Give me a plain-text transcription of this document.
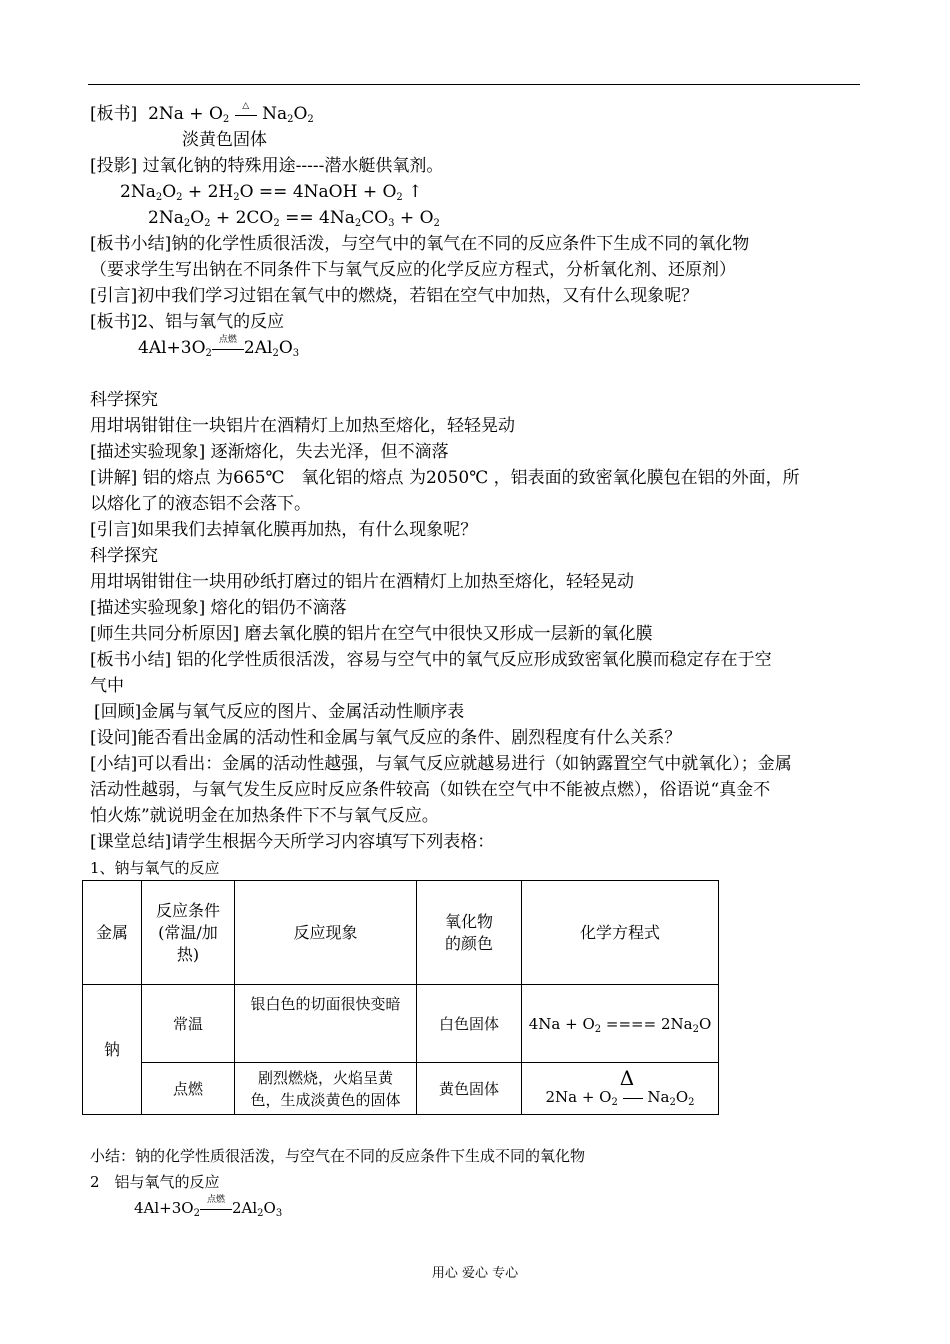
[板书] $2Na + O_2$
△ $Na_2O_2$
淡黄色固体
[投影] 过氧化钠的特殊用途-----潜水艇供氧剂。
$2Na_2O_2 + 2H_2O$ == 4NaOH + $O_2$ ↑
$2Na_2O_2 + 2CO_2 == 4Na_2CO_3 + O_2$
[板书小结]钠的化学性质很活泼，与空气中的氧气在不同的反应条件下生成不同的氧化物
（要求学生写出钠在不同条件下与氧气反应的化学反应方程式，分析氧化剂、还原剂）
[引言]初中我们学习过铝在氧气中的燃烧，若铝在空气中加热，又有什么现象呢？
[板书]2、铝与氧气的反应
$4Al+3O_2$
点燃 $2Al_2O_3$
科学探究
用坩埚钳钳住一块铝片在酒精灯上加热至熔化，轻轻晃动
[描述实验现象] 逐渐熔化，失去光泽，但不滴落
[讲解] 铝的熔点 为665℃　氧化铝的熔点 为2050℃ ，铝表面的致密氧化膜包在铝的外面，所
以熔化了的液态铝不会落下。
[引言]如果我们去掉氧化膜再加热，有什么现象呢？
科学探究
用坩埚钳钳住一块用砂纸打磨过的铝片在酒精灯上加热至熔化，轻轻晃动
[描述实验现象] 熔化的铝仍不滴落
[师生共同分析原因] 磨去氧化膜的铝片在空气中很快又形成一层新的氧化膜
[板书小结] 铝的化学性质很活泼，容易与空气中的氧气反应形成致密氧化膜而稳定存在于空
气中
[回顾]金属与氧气反应的图片、金属活动性顺序表
[设问]能否看出金属的活动性和金属与氧气反应的条件、剧烈程度有什么关系？
[小结]可以看出：金属的活动性越强，与氧气反应就越易进行（如钠露置空气中就氧化）；金属
活动性越弱，与氧气发生反应时反应条件较高（如铁在空气中不能被点燃），俗语说“真金不
怕火炼”就说明金在加热条件下不与氧气反应。
[课堂总结]请学生根据今天所学习内容填写下列表格：
1、钠与氧气的反应
金属	反应条件(常温/加热)	反应现象	氧化物的颜色	化学方程式
钠	常温	银白色的切面很快变暗	白色固体	$4Na + O_2$ ==== $2Na_2O$
	点燃	剧烈燃烧，火焰呈黄色，生成淡黄色的固体	黄色固体	Δ
$2Na + O_2$ $Na_2O_2$
小结：钠的化学性质很活泼，与空气在不同的反应条件下生成不同的氧化物
2　铝与氧气的反应
$4Al+3O_2$
点燃 $2Al_2O_3$
用心 爱心 专心
